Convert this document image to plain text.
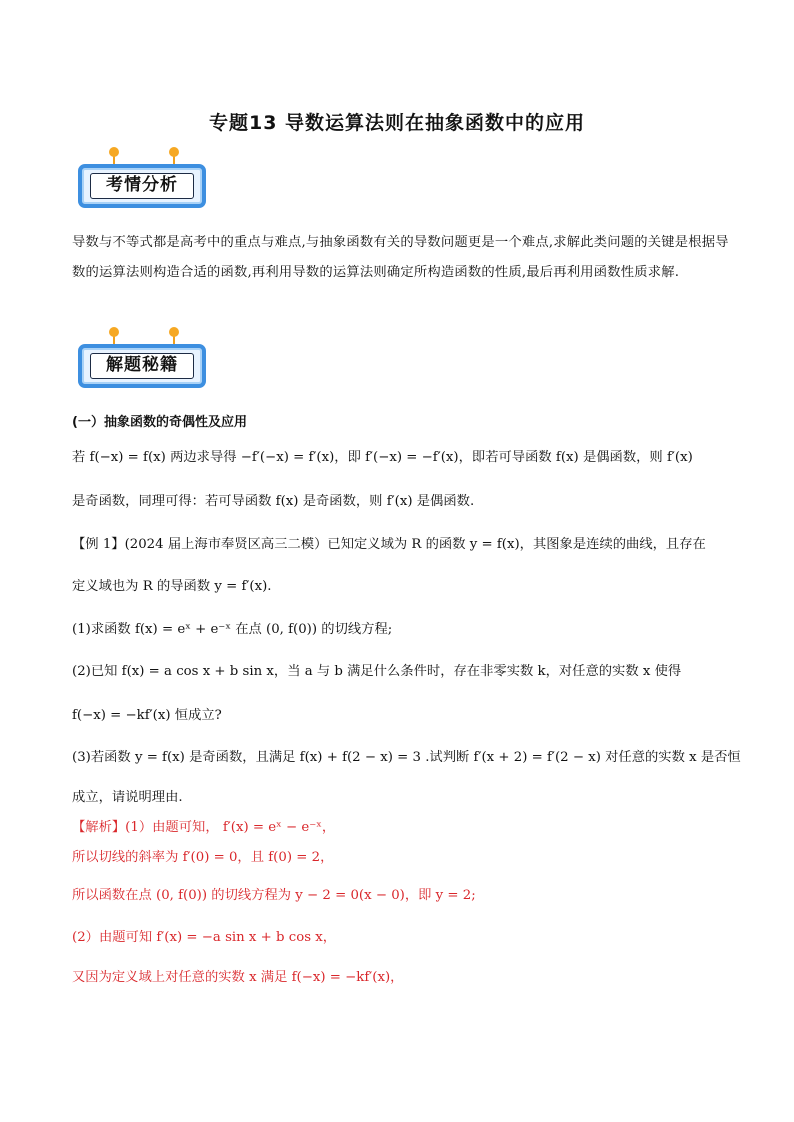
专题13 导数运算法则在抽象函数中的应用
考情分析
导数与不等式都是高考中的重点与难点,与抽象函数有关的导数问题更是一个难点,求解此类问题的关键是根据导数的运算法则构造合适的函数,再利用导数的运算法则确定所构造函数的性质,最后再利用函数性质求解.
解题秘籍
(一）抽象函数的奇偶性及应用
若 f(−x) = f(x) 两边求导得 −f′(−x) = f′(x)，即 f′(−x) = −f′(x)，即若可导函数 f(x) 是偶函数，则 f′(x)
是奇函数，同理可得：若可导函数 f(x) 是奇函数，则 f′(x) 是偶函数.
【例 1】(2024 届上海市奉贤区高三二模）已知定义域为 R 的函数 y = f(x)，其图象是连续的曲线，且存在
定义域也为 R 的导函数 y = f′(x).
(1)求函数 f(x) = eˣ + e⁻ˣ 在点 (0, f(0)) 的切线方程;
(2)已知 f(x) = a cos x + b sin x，当 a 与 b 满足什么条件时，存在非零实数 k，对任意的实数 x 使得
f(−x) = −kf′(x) 恒成立?
(3)若函数 y = f(x) 是奇函数，且满足 f(x) + f(2 − x) = 3 .试判断 f′(x + 2) = f′(2 − x) 对任意的实数 x 是否恒
成立，请说明理由.
【解析】(1）由题可知， f′(x) = eˣ − e⁻ˣ，
所以切线的斜率为 f′(0) = 0，且 f(0) = 2，
所以函数在点 (0, f(0)) 的切线方程为 y − 2 = 0(x − 0)，即 y = 2;
(2）由题可知 f′(x) = −a sin x + b cos x，
又因为定义域上对任意的实数 x 满足 f(−x) = −kf′(x)，
